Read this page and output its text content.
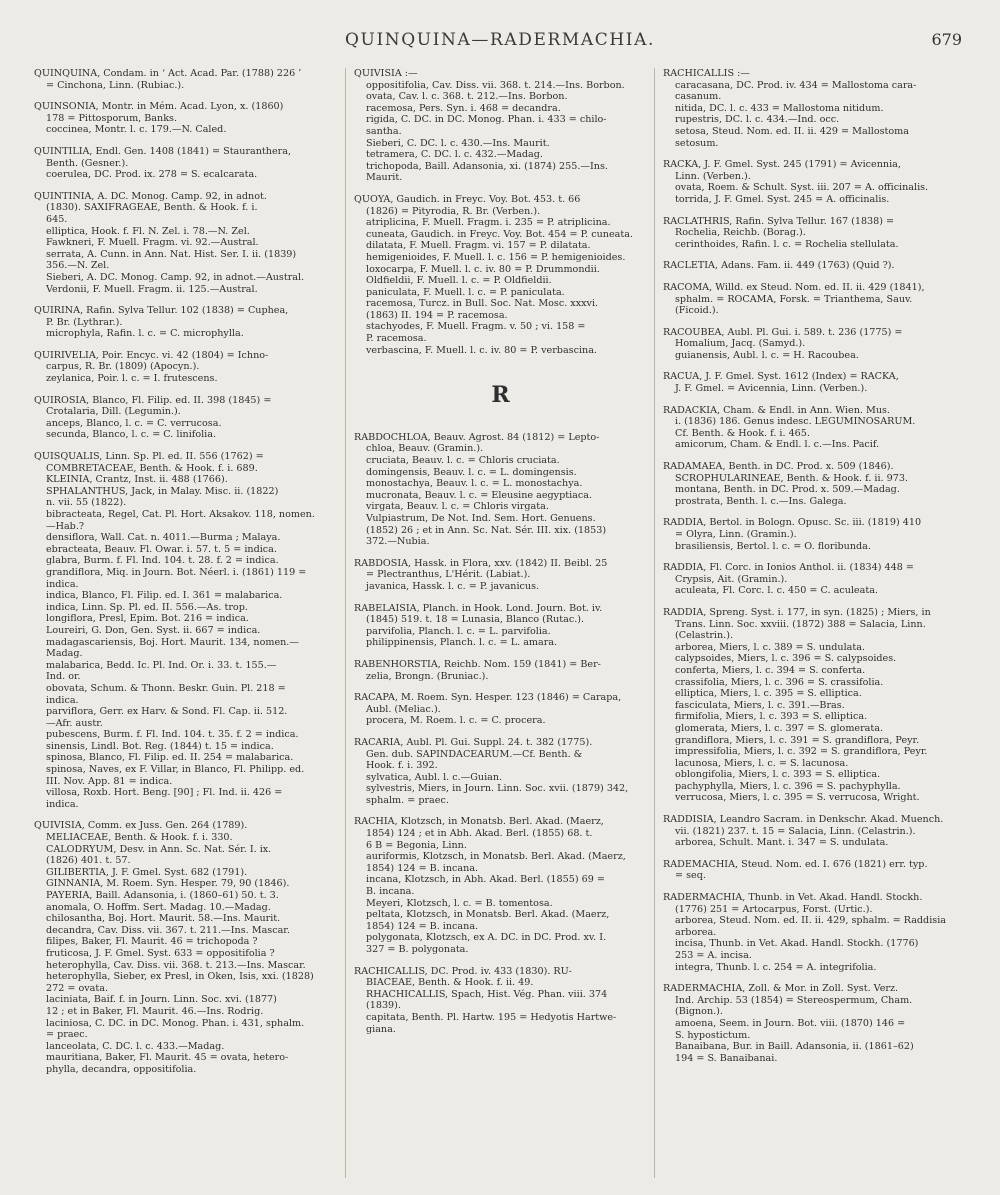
QUINQUINA—RADERMACHIA.	679
QUINQUINA, Condam. in ‘ Act. Acad. Par. (1788) 226 ’
= Cinchona, Linn. (Rubiac.).
QUINSONIA, Montr. in Mém. Acad. Lyon, x. (1860)
178 = Pittosporum, Banks.
coccinea, Montr. l. c. 179.—N. Caled.
QUINTILIA, Endl. Gen. 1408 (1841) = Stauranthera,
Benth. (Gesner.).
coerulea, DC. Prod. ix. 278 = S. ecalcarata.
QUINTINIA, A. DC. Monog. Camp. 92, in adnot.
(1830). SAXIFRAGEAE, Benth. & Hook. f. i.
645.
elliptica, Hook. f. Fl. N. Zel. i. 78.—N. Zel.
Fawkneri, F. Muell. Fragm. vi. 92.—Austral.
serrata, A. Cunn. in Ann. Nat. Hist. Ser. I. ii. (1839)
356.—N. Zel.
Sieberi, A. DC. Monog. Camp. 92, in adnot.—Austral.
Verdonii, F. Muell. Fragm. ii. 125.—Austral.
QUIRINA, Rafin. Sylva Tellur. 102 (1838) = Cuphea,
P. Br. (Lythrar.).
microphyla, Rafin. l. c. = C. microphylla.
QUIRIVELIA, Poir. Encyc. vi. 42 (1804) = Ichno-
carpus, R. Br. (1809) (Apocyn.).
zeylanica, Poir. l. c. = I. frutescens.
QUIROSIA, Blanco, Fl. Filip. ed. II. 398 (1845) =
Crotalaria, Dill. (Legumin.).
anceps, Blanco, l. c. = C. verrucosa.
secunda, Blanco, l. c. = C. linifolia.
QUISQUALIS, Linn. Sp. Pl. ed. II. 556 (1762) =
COMBRETACEAE, Benth. & Hook. f. i. 689.
KLEINIA, Crantz, Inst. ii. 488 (1766).
SPHALANTHUS, Jack, in Malay. Misc. ii. (1822)
n. vii. 55 (1822).
bibracteata, Regel, Cat. Pl. Hort. Aksakov. 118, nomen.
—Hab.?
densiflora, Wall. Cat. n. 4011.—Burma ; Malaya.
ebracteata, Beauv. Fl. Owar. i. 57. t. 5 = indica.
glabra, Burm. f. Fl. Ind. 104. t. 28. f. 2 = indica.
grandiflora, Miq. in Journ. Bot. Néerl. i. (1861) 119 =
indica.
indica, Blanco, Fl. Filip. ed. I. 361 = malabarica.
indica, Linn. Sp. Pl. ed. II. 556.—As. trop.
longiflora, Presl, Epim. Bot. 216 = indica.
Loureiri, G. Don, Gen. Syst. ii. 667 = indica.
madagascariensis, Boj. Hort. Maurit. 134, nomen.—
Madag.
malabarica, Bedd. Ic. Pl. Ind. Or. i. 33. t. 155.—
Ind. or.
obovata, Schum. & Thonn. Beskr. Guin. Pl. 218 =
indica.
parviflora, Gerr. ex Harv. & Sond. Fl. Cap. ii. 512.
—Afr. austr.
pubescens, Burm. f. Fl. Ind. 104. t. 35. f. 2 = indica.
sinensis, Lindl. Bot. Reg. (1844) t. 15 = indica.
spinosa, Blanco, Fl. Filip. ed. II. 254 = malabarica.
spinosa, Naves, ex F. Villar, in Blanco, Fl. Philipp. ed.
III. Nov. App. 81 = indica.
villosa, Roxb. Hort. Beng. [90] ; Fl. Ind. ii. 426 =
indica.
QUIVISIA, Comm. ex Juss. Gen. 264 (1789).
MELIACEAE, Benth. & Hook. f. i. 330.
CALODRYUM, Desv. in Ann. Sc. Nat. Sér. I. ix.
(1826) 401. t. 57.
GILIBERTIA, J. F. Gmel. Syst. 682 (1791).
GINNANIA, M. Roem. Syn. Hesper. 79, 90 (1846).
PAYERIA, Baill. Adansonia, i. (1860–61) 50. t. 3.
anomala, O. Hoffm. Sert. Madag. 10.—Madag.
chilosantha, Boj. Hort. Maurit. 58.—Ins. Maurit.
decandra, Cav. Diss. vii. 367. t. 211.—Ins. Mascar.
filipes, Baker, Fl. Maurit. 46 = trichopoda ?
fruticosa, J. F. Gmel. Syst. 633 = oppositifolia ?
heterophylla, Cav. Diss. vii. 368. t. 213.—Ins. Mascar.
heterophylla, Sieber, ex Presl, in Oken, Isis, xxi. (1828)
272 = ovata.
laciniata, Baif. f. in Journ. Linn. Soc. xvi. (1877)
12 ; et in Baker, Fl. Maurit. 46.—Ins. Rodrig.
laciniosa, C. DC. in DC. Monog. Phan. i. 431, sphalm.
= praec.
lanceolata, C. DC. l. c. 433.—Madag.
mauritiana, Baker, Fl. Maurit. 45 = ovata, hetero-
phylla, decandra, oppositifolia.
QUIVISIA :—
oppositifolia, Cav. Diss. vii. 368. t. 214.—Ins. Borbon.
ovata, Cav. l. c. 368. t. 212.—Ins. Borbon.
racemosa, Pers. Syn. i. 468 = decandra.
rigida, C. DC. in DC. Monog. Phan. i. 433 = chilo-
santha.
Sieberi, C. DC. l. c. 430.—Ins. Maurit.
tetramera, C. DC. l. c. 432.—Madag.
trichopoda, Baill. Adansonia, xi. (1874) 255.—Ins.
Maurit.
QUOYA, Gaudich. in Freyc. Voy. Bot. 453. t. 66
(1826) = Pityrodia, R. Br. (Verben.).
atriplicina, F. Muell. Fragm. i. 235 = P. atriplicina.
cuneata, Gaudich. in Freyc. Voy. Bot. 454 = P. cuneata.
dilatata, F. Muell. Fragm. vi. 157 = P. dilatata.
hemigenioides, F. Muell. l. c. 156 = P. hemigenioides.
loxocarpa, F. Muell. l. c. iv. 80 = P. Drummondii.
Oldfieldii, F. Muell. l. c. = P. Oldfieldii.
paniculata, F. Muell. l. c. = P. paniculata.
racemosa, Turcz. in Bull. Soc. Nat. Mosc. xxxvi.
(1863) II. 194 = P. racemosa.
stachyodes, F. Muell. Fragm. v. 50 ; vi. 158 =
P. racemosa.
verbascina, F. Muell. l. c. iv. 80 = P. verbascina.
R
RABDOCHLOA, Beauv. Agrost. 84 (1812) = Lepto-
chloa, Beauv. (Gramin.).
cruciata, Beauv. l. c. = Chloris cruciata.
domingensis, Beauv. l. c. = L. domingensis.
monostachya, Beauv. l. c. = L. monostachya.
mucronata, Beauv. l. c. = Eleusine aegyptiaca.
virgata, Beauv. l. c. = Chloris virgata.
Vulpiastrum, De Not. Ind. Sem. Hort. Genuens.
(1852) 26 ; et in Ann. Sc. Nat. Sér. III. xix. (1853)
372.—Nubia.
RABDOSIA, Hassk. in Flora, xxv. (1842) II. Beibl. 25
= Plectranthus, L'Hérit. (Labiat.).
javanica, Hassk. l. c. = P. javanicus.
RABELAISIA, Planch. in Hook. Lond. Journ. Bot. iv.
(1845) 519. t. 18 = Lunasia, Blanco (Rutac.).
parvifolia, Planch. l. c. = L. parvifolia.
philippinensis, Planch. l. c. = L. amara.
RABENHORSTIA, Reichb. Nom. 159 (1841) = Ber-
zelia, Brongn. (Bruniac.).
RACAPA, M. Roem. Syn. Hesper. 123 (1846) = Carapa,
Aubl. (Meliac.).
procera, M. Roem. l. c. = C. procera.
RACARIA, Aubl. Pl. Gui. Suppl. 24. t. 382 (1775).
Gen. dub. SAPINDACEARUM.—Cf. Benth. &
Hook. f. i. 392.
sylvatica, Aubl. l. c.—Guian.
sylvestris, Miers, in Journ. Linn. Soc. xvii. (1879) 342,
sphalm. = praec.
RACHIA, Klotzsch, in Monatsb. Berl. Akad. (Maerz,
1854) 124 ; et in Abh. Akad. Berl. (1855) 68. t.
6 B = Begonia, Linn.
auriformis, Klotzsch, in Monatsb. Berl. Akad. (Maerz,
1854) 124 = B. incana.
incana, Klotzsch, in Abh. Akad. Berl. (1855) 69 =
B. incana.
Meyeri, Klotzsch, l. c. = B. tomentosa.
peltata, Klotzsch, in Monatsb. Berl. Akad. (Maerz,
1854) 124 = B. incana.
polygonata, Klotzsch, ex A. DC. in DC. Prod. xv. I.
327 = B. polygonata.
RACHICALLIS, DC. Prod. iv. 433 (1830). RU-
BIACEAE, Benth. & Hook. f. ii. 49.
RHACHICALLIS, Spach, Hist. Vég. Phan. viii. 374
(1839).
capitata, Benth. Pl. Hartw. 195 = Hedyotis Hartwe-
giana.
RACHICALLIS :—
caracasana, DC. Prod. iv. 434 = Mallostoma cara-
casanum.
nitida, DC. l. c. 433 = Mallostoma nitidum.
rupestris, DC. l. c. 434.—Ind. occ.
setosa, Steud. Nom. ed. II. ii. 429 = Mallostoma
setosum.
RACKA, J. F. Gmel. Syst. 245 (1791) = Avicennia,
Linn. (Verben.).
ovata, Roem. & Schult. Syst. iii. 207 = A. officinalis.
torrida, J. F. Gmel. Syst. 245 = A. officinalis.
RACLATHRIS, Rafin. Sylva Tellur. 167 (1838) =
Rochelia, Reichb. (Borag.).
cerinthoides, Rafin. l. c. = Rochelia stellulata.
RACLETIA, Adans. Fam. ii. 449 (1763) (Quid ?).
RACOMA, Willd. ex Steud. Nom. ed. II. ii. 429 (1841),
sphalm. = ROCAMA, Forsk. = Trianthema, Sauv.
(Ficoid.).
RACOUBEA, Aubl. Pl. Gui. i. 589. t. 236 (1775) =
Homalium, Jacq. (Samyd.).
guianensis, Aubl. l. c. = H. Racoubea.
RACUA, J. F. Gmel. Syst. 1612 (Index) = RACKA,
J. F. Gmel. = Avicennia, Linn. (Verben.).
RADACKIA, Cham. & Endl. in Ann. Wien. Mus.
i. (1836) 186. Genus indesc. LEGUMINOSARUM.
Cf. Benth. & Hook. f. i. 465.
amicorum, Cham. & Endl. l. c.—Ins. Pacif.
RADAMAEA, Benth. in DC. Prod. x. 509 (1846).
SCROPHULARINEAE, Benth. & Hook. f. ii. 973.
montana, Benth. in DC. Prod. x. 509.—Madag.
prostrata, Benth. l. c.—Ins. Galega.
RADDIA, Bertol. in Bologn. Opusc. Sc. iii. (1819) 410
= Olyra, Linn. (Gramin.).
brasiliensis, Bertol. l. c. = O. floribunda.
RADDIA, Fl. Corc. in Ionios Anthol. ii. (1834) 448 =
Crypsis, Ait. (Gramin.).
aculeata, Fl. Corc. l. c. 450 = C. aculeata.
RADDIA, Spreng. Syst. i. 177, in syn. (1825) ; Miers, in
Trans. Linn. Soc. xxviii. (1872) 388 = Salacia, Linn.
(Celastrin.).
arborea, Miers, l. c. 389 = S. undulata.
calypsoides, Miers, l. c. 396 = S. calypsoides.
conferta, Miers, l. c. 394 = S. conferta.
crassifolia, Miers, l. c. 396 = S. crassifolia.
elliptica, Miers, l. c. 395 = S. elliptica.
fasciculata, Miers, l. c. 391.—Bras.
firmifolia, Miers, l. c. 393 = S. elliptica.
glomerata, Miers, l. c. 397 = S. glomerata.
grandiflora, Miers, l. c. 391 = S. grandiflora, Peyr.
impressifolia, Miers, l. c. 392 = S. grandiflora, Peyr.
lacunosa, Miers, l. c. = S. lacunosa.
oblongifolia, Miers, l. c. 393 = S. elliptica.
pachyphylla, Miers, l. c. 396 = S. pachyphylla.
verrucosa, Miers, l. c. 395 = S. verrucosa, Wright.
RADDISIA, Leandro Sacram. in Denkschr. Akad. Muench.
vii. (1821) 237. t. 15 = Salacia, Linn. (Celastrin.).
arborea, Schult. Mant. i. 347 = S. undulata.
RADEMACHIA, Steud. Nom. ed. I. 676 (1821) err. typ.
= seq.
RADERMACHIA, Thunb. in Vet. Akad. Handl. Stockh.
(1776) 251 = Artocarpus, Forst. (Urtic.).
arborea, Steud. Nom. ed. II. ii. 429, sphalm. = Raddisia
arborea.
incisa, Thunb. in Vet. Akad. Handl. Stockh. (1776)
253 = A. incisa.
integra, Thunb. l. c. 254 = A. integrifolia.
RADERMACHIA, Zoll. & Mor. in Zoll. Syst. Verz.
Ind. Archip. 53 (1854) = Stereospermum, Cham.
(Bignon.).
amoena, Seem. in Journ. Bot. viii. (1870) 146 =
S. hypostictum.
Banaibana, Bur. in Baill. Adansonia, ii. (1861–62)
194 = S. Banaibanai.
